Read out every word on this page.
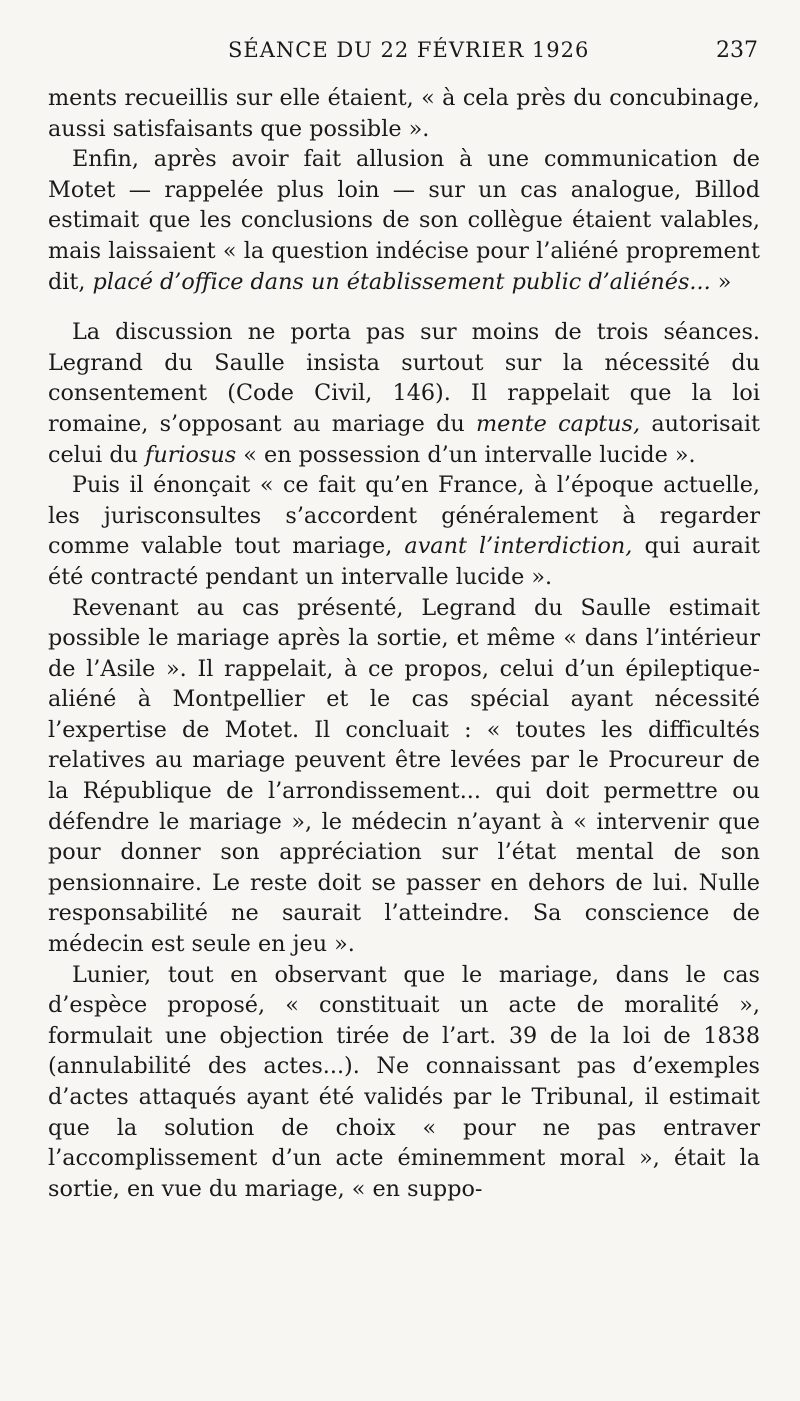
SÉANCE DU 22 FÉVRIER 1926	237

ments recueillis sur elle étaient, « à cela près du concubinage, aussi satisfaisants que possible ».

Enfin, après avoir fait allusion à une communication de Motet — rappelée plus loin — sur un cas analogue, Billod estimait que les conclusions de son collègue étaient valables, mais laissaient « la question indécise pour l’aliéné proprement dit, placé d’office dans un établissement public d’aliénés... »

La discussion ne porta pas sur moins de trois séances. Legrand du Saulle insista surtout sur la nécessité du consentement (Code Civil, 146). Il rappelait que la loi romaine, s’opposant au mariage du mente captus, autorisait celui du furiosus « en possession d’un intervalle lucide ».

Puis il énonçait « ce fait qu’en France, à l’époque actuelle, les jurisconsultes s’accordent généralement à regarder comme valable tout mariage, avant l’interdiction, qui aurait été contracté pendant un intervalle lucide ».

Revenant au cas présenté, Legrand du Saulle estimait possible le mariage après la sortie, et même « dans l’intérieur de l’Asile ». Il rappelait, à ce propos, celui d’un épileptique-aliéné à Montpellier et le cas spécial ayant nécessité l’expertise de Motet. Il concluait : « toutes les difficultés relatives au mariage peuvent être levées par le Procureur de la République de l’arrondissement... qui doit permettre ou défendre le mariage », le médecin n’ayant à « intervenir que pour donner son appréciation sur l’état mental de son pensionnaire. Le reste doit se passer en dehors de lui. Nulle responsabilité ne saurait l’atteindre. Sa conscience de médecin est seule en jeu ».

Lunier, tout en observant que le mariage, dans le cas d’espèce proposé, « constituait un acte de moralité », formulait une objection tirée de l’art. 39 de la loi de 1838 (annulabilité des actes...). Ne connaissant pas d’exemples d’actes attaqués ayant été validés par le Tribunal, il estimait que la solution de choix « pour ne pas entraver l’accomplissement d’un acte éminemment moral », était la sortie, en vue du mariage, « en suppo-
